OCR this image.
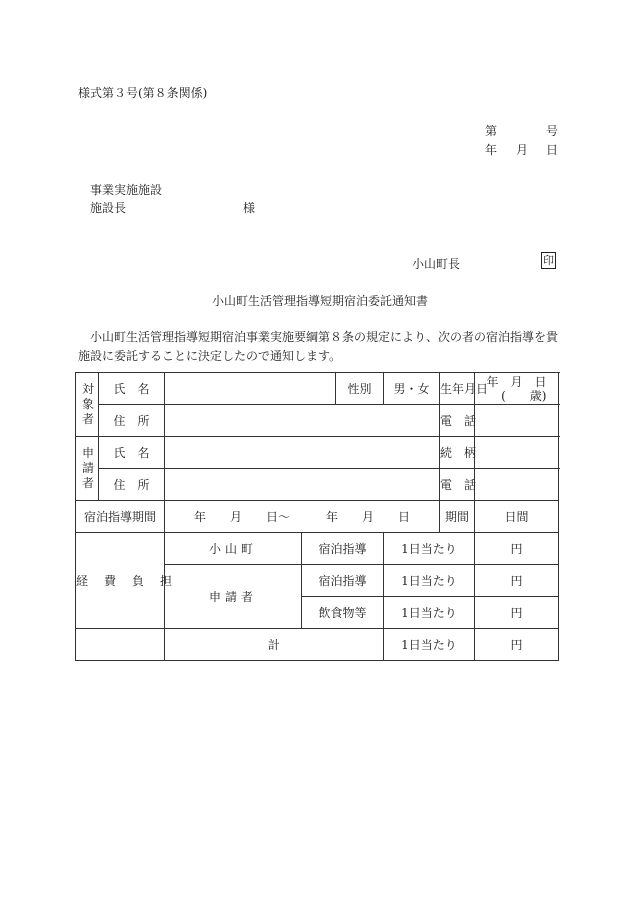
様式第３号(第８条関係)
第	号
年 月 日
事業実施施設
施設長	様
小山町長	印
小山町生活管理指導短期宿泊委託通知書
小山町生活管理指導短期宿泊事業実施要綱第８条の規定により、次の者の宿泊指導を貴施設に委託することに決定したので通知します。
対象者	氏　名			性別	男・女	生年月日	年　月　日
(　　歳)
	住　所					電　話	
申請者	氏　名					続　柄	
	住　所					電　話	
宿泊指導期間		年　　月　　日〜　　　年　　月　　日				期間	日間
経費負担		小山町	宿泊指導		1日当たり		円
		申請者	宿泊指導		1日当たり		円
			飲食物等		1日当たり		円
		計			1日当たり		円
